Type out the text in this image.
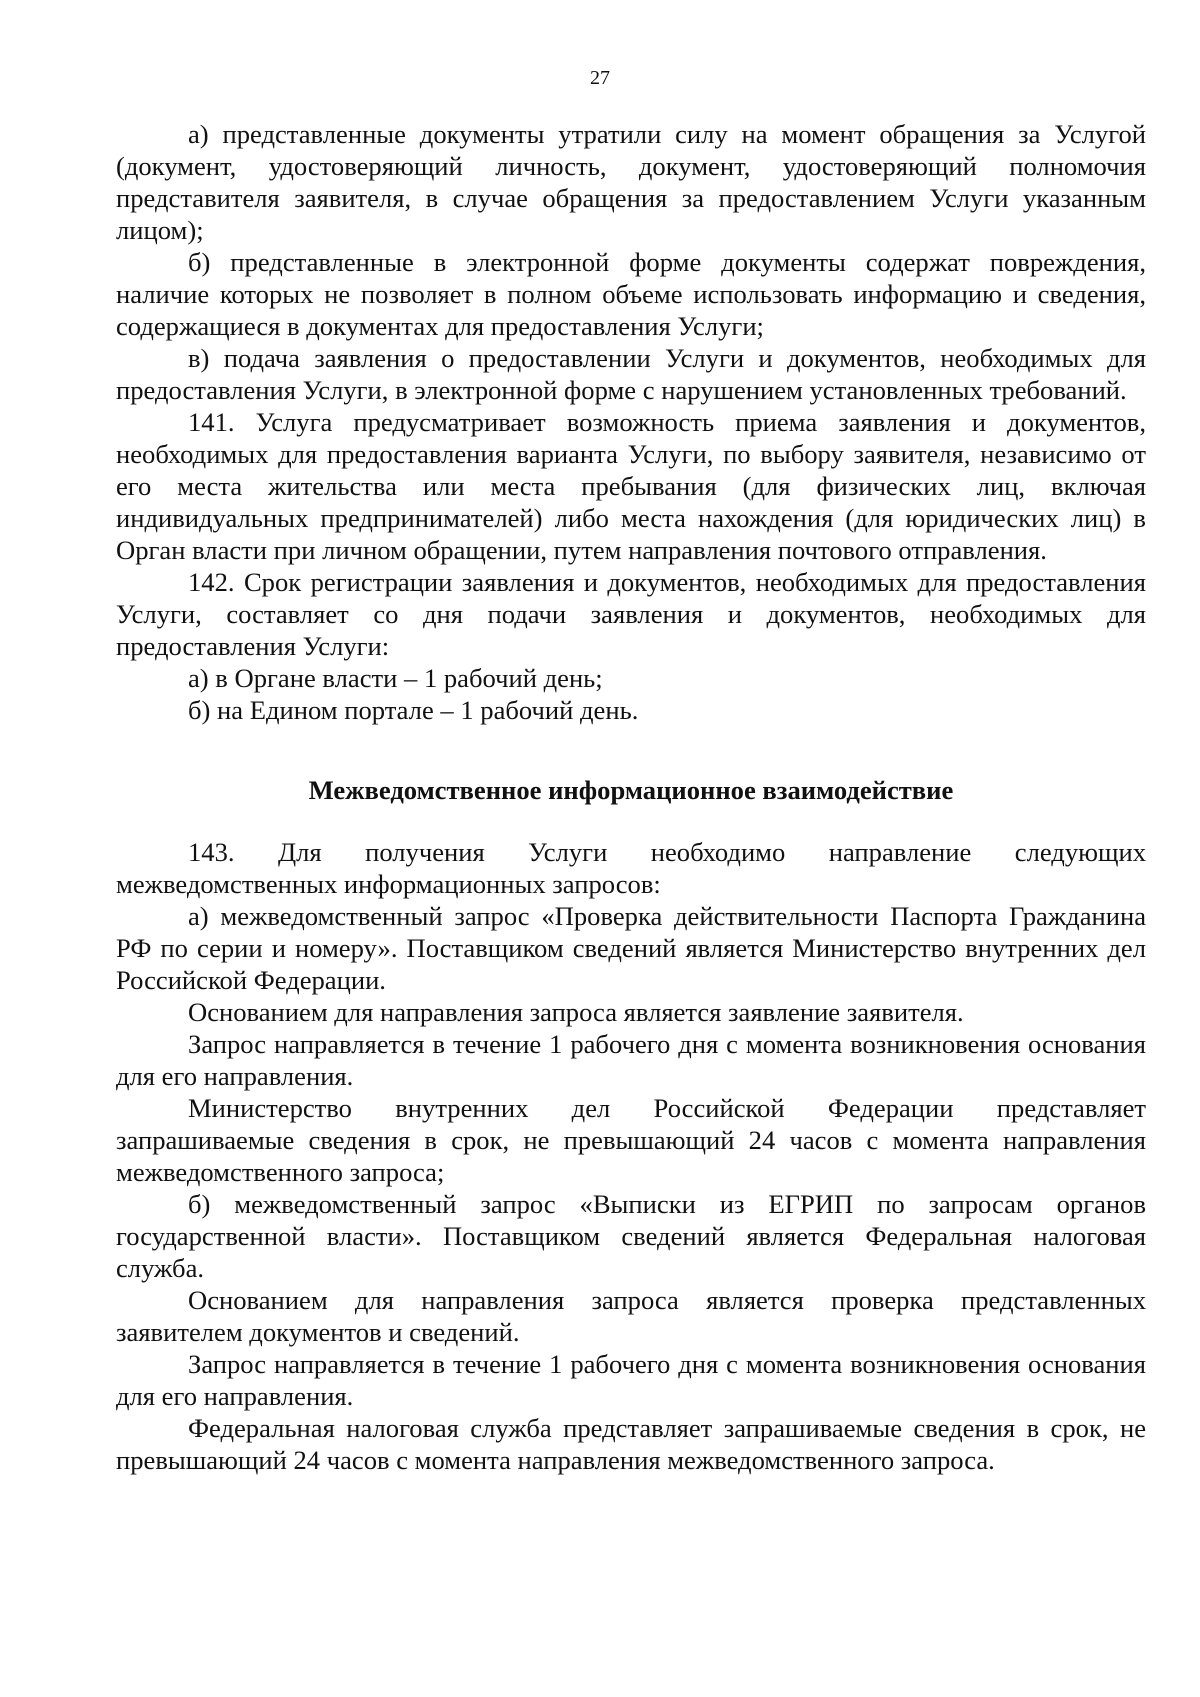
27

а) представленные документы утратили силу на момент обращения за Услугой (документ, удостоверяющий личность, документ, удостоверяющий полномочия представителя заявителя, в случае обращения за предоставлением Услуги указанным лицом);

б) представленные в электронной форме документы содержат повреждения, наличие которых не позволяет в полном объеме использовать информацию и сведения, содержащиеся в документах для предоставления Услуги;

в) подача заявления о предоставлении Услуги и документов, необходимых для предоставления Услуги, в электронной форме с нарушением установленных требований.

141. Услуга предусматривает возможность приема заявления и документов, необходимых для предоставления варианта Услуги, по выбору заявителя, независимо от его места жительства или места пребывания (для физических лиц, включая индивидуальных предпринимателей) либо места нахождения (для юридических лиц) в Орган власти при личном обращении, путем направления почтового отправления.

142. Срок регистрации заявления и документов, необходимых для предоставления Услуги, составляет со дня подачи заявления и документов, необходимых для предоставления Услуги:

а) в Органе власти – 1 рабочий день;

б) на Едином портале – 1 рабочий день.

Межведомственное информационное взаимодействие

143. Для получения Услуги необходимо направление следующих межведомственных информационных запросов:

а) межведомственный запрос «Проверка действительности Паспорта Гражданина РФ по серии и номеру». Поставщиком сведений является Министерство внутренних дел Российской Федерации.

Основанием для направления запроса является заявление заявителя.

Запрос направляется в течение 1 рабочего дня с момента возникновения основания для его направления.

Министерство внутренних дел Российской Федерации представляет запрашиваемые сведения в срок, не превышающий 24 часов с момента направления межведомственного запроса;

б) межведомственный запрос «Выписки из ЕГРИП по запросам органов государственной власти». Поставщиком сведений является Федеральная налоговая служба.

Основанием для направления запроса является проверка представленных заявителем документов и сведений.

Запрос направляется в течение 1 рабочего дня с момента возникновения основания для его направления.

Федеральная налоговая служба представляет запрашиваемые сведения в срок, не превышающий 24 часов с момента направления межведомственного запроса.
